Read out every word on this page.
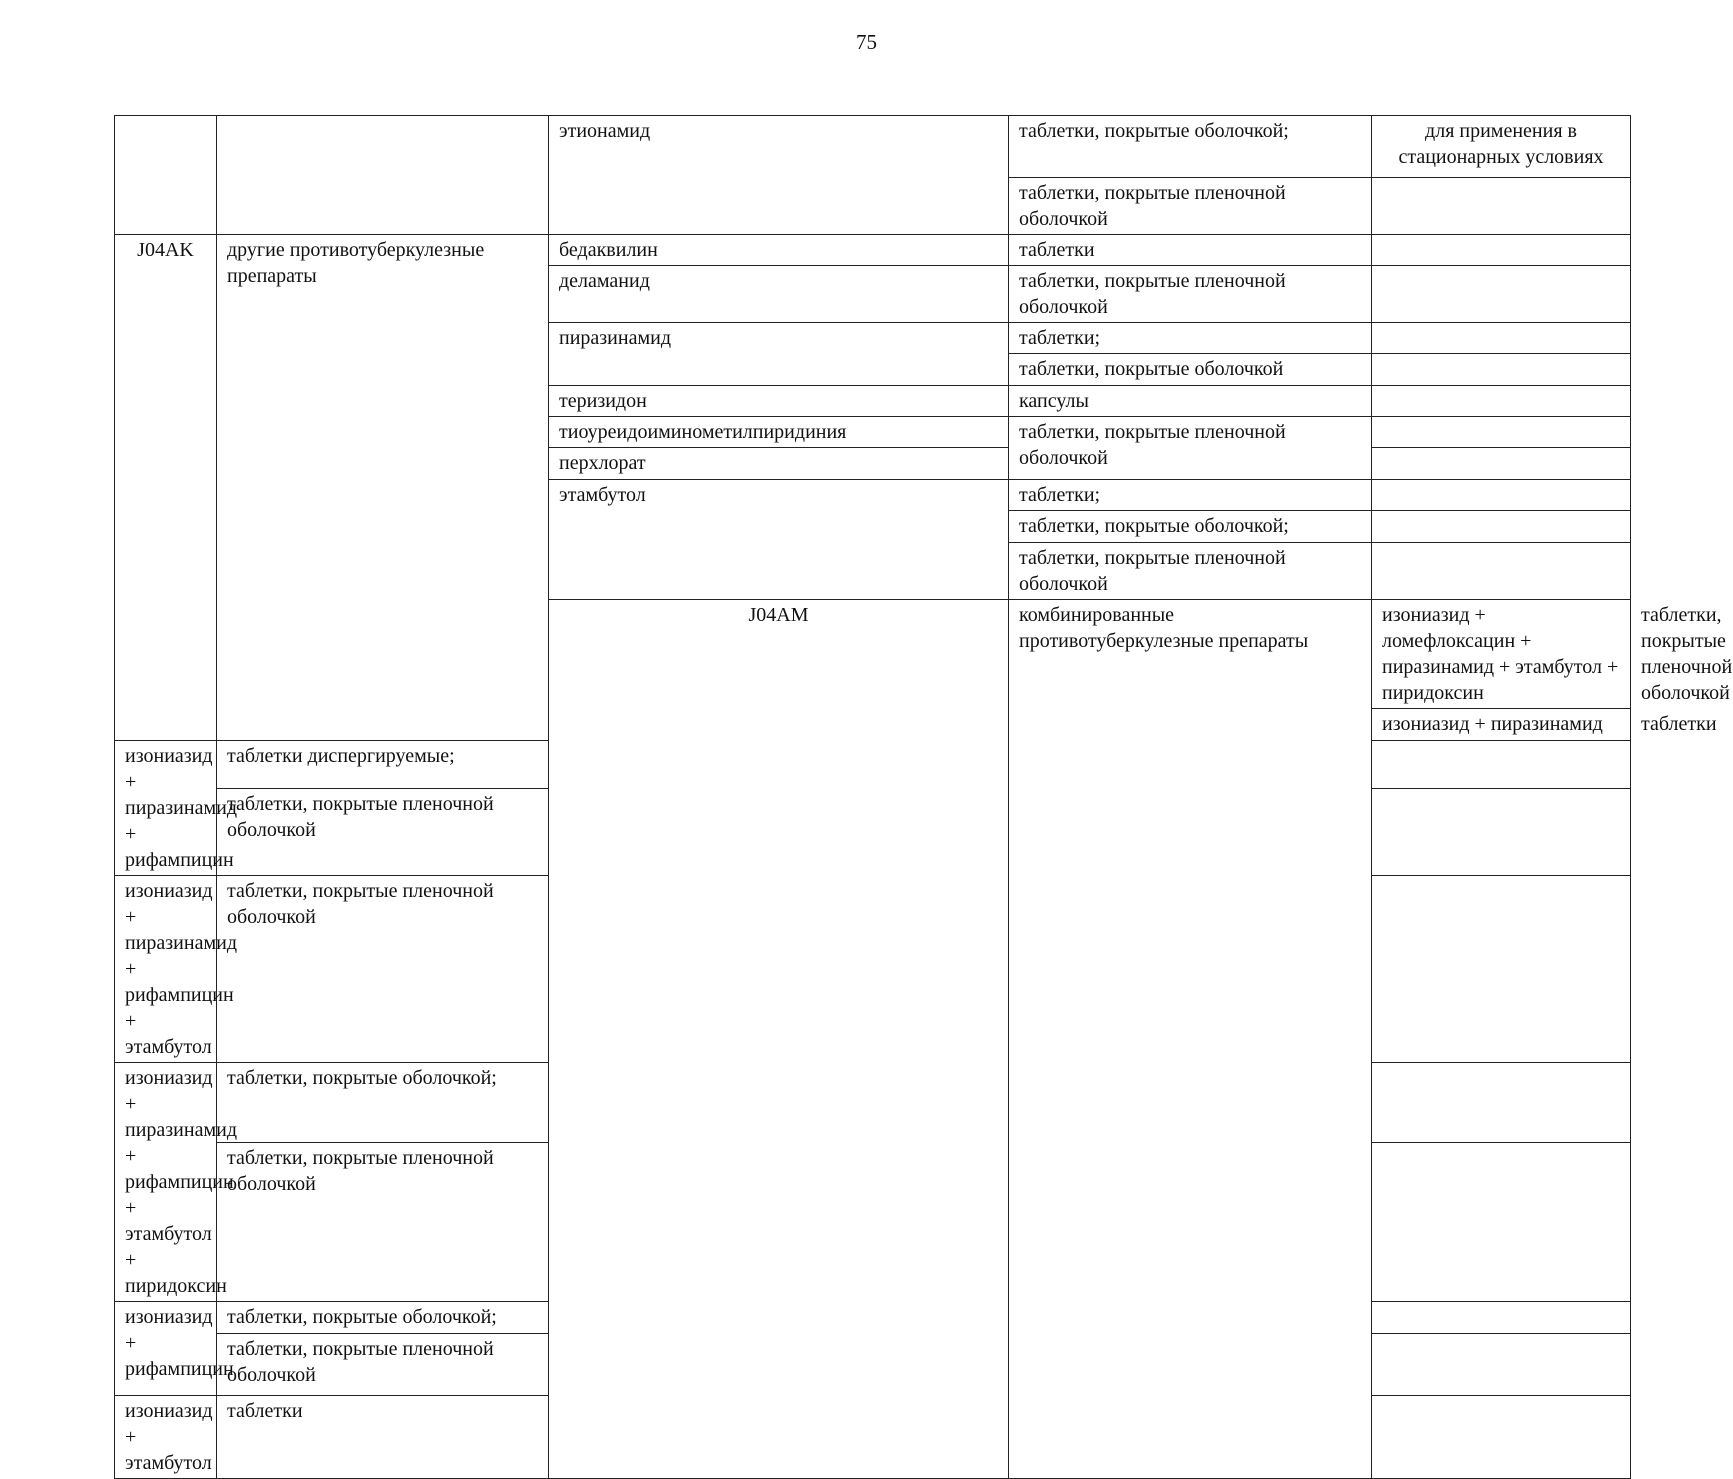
75
		этионамид	таблетки, покрытые оболочкой;	для применения в стационарных условиях	
			таблетки, покрытые пленочной оболочкой		
J04AK	другие противотуберкулезные препараты	бедаквилин	таблетки		
		деламанид	таблетки, покрытые пленочной оболочкой		
		пиразинамид	таблетки;		
			таблетки, покрытые оболочкой		
		теризидон	капсулы		
		тиоуреидоиминометилпиридиния	таблетки, покрытые пленочной оболочкой		
		перхлорат			
		этамбутол	таблетки;		
			таблетки, покрытые оболочкой;		
			таблетки, покрытые пленочной оболочкой		
		J04AM	комбинированные противотуберкулезные препараты	изониазид + ломефлоксацин + пиразинамид + этамбутол + пиридоксин	таблетки, покрытые пленочной оболочкой	
				изониазид + пиразинамид	таблетки	
изониазид + пиразинамид + рифампицин	таблетки диспергируемые;				
	таблетки, покрытые пленочной оболочкой				
изониазид + пиразинамид + рифампицин + этамбутол	таблетки, покрытые пленочной оболочкой				
изониазид + пиразинамид + рифампицин + этамбутол + пиридоксин	таблетки, покрытые оболочкой;				
	таблетки, покрытые пленочной оболочкой				
изониазид + рифампицин	таблетки, покрытые оболочкой;				
	таблетки, покрытые пленочной оболочкой				
изониазид + этамбутол	таблетки				
